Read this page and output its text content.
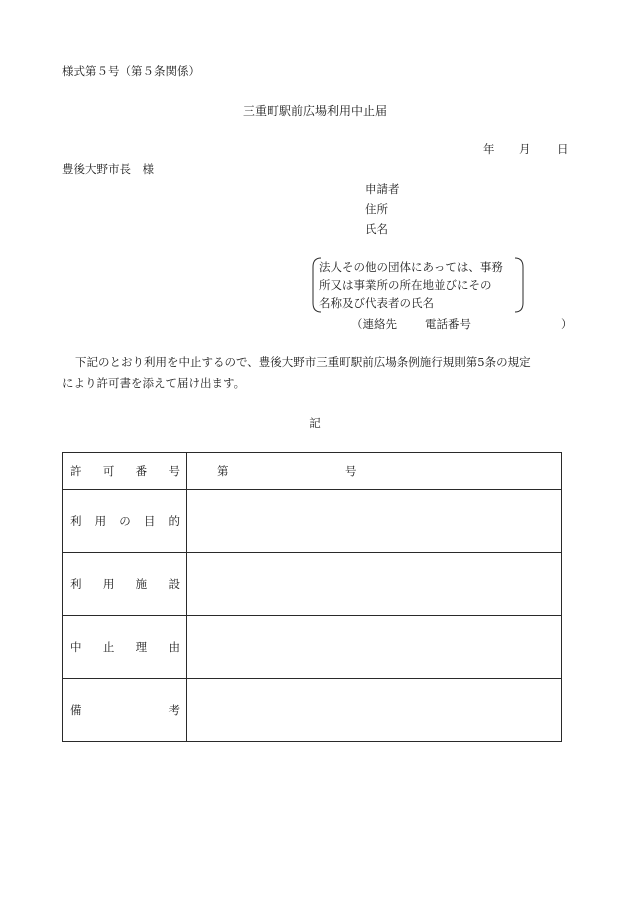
様式第５号（第５条関係）
三重町駅前広場利用中止届
年 月 日
豊後大野市長　様
申請者
住所
氏名
法人その他の団体にあっては、事務
所又は事業所の所在地並びにその
名称及び代表者の氏名
（連絡先 電話番号	）
下記のとおり利用を中止するので、豊後大野市三重町駅前広場条例施行規則第5条の規定
により許可書を添えて届け出ます。
記
許 可 番 号	第 号

利 用 の 目 的	

利 用 施 設	

中 止 理 由	

備 考	
